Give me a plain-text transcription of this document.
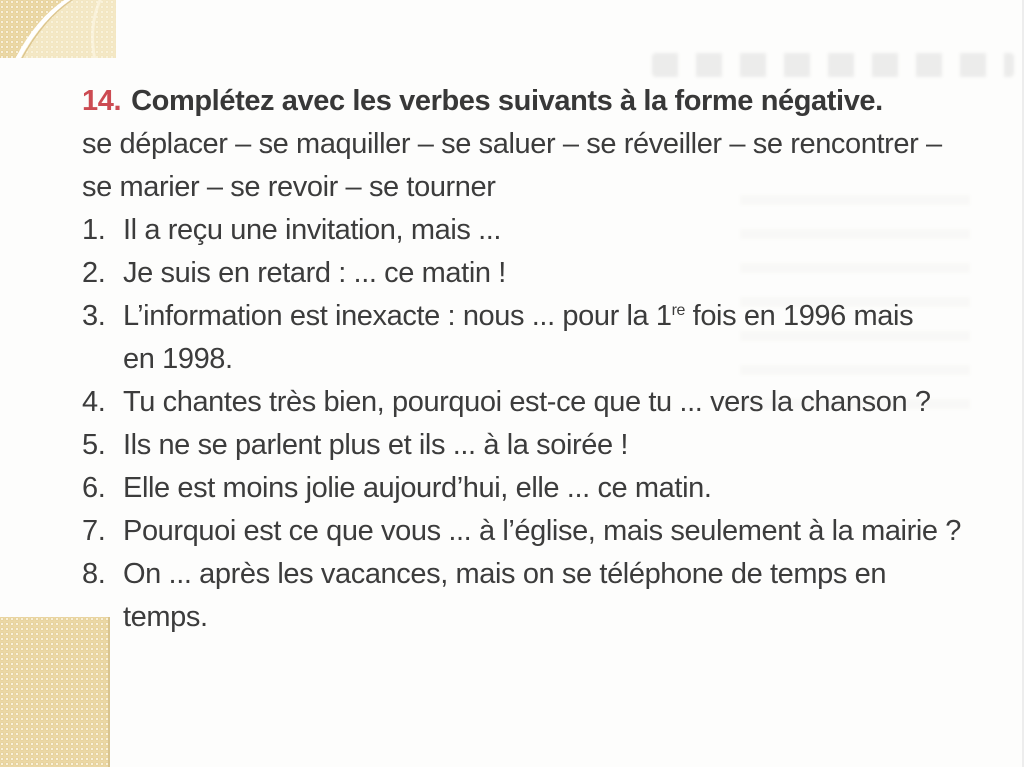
14. Complétez avec les verbes suivants à la forme négative.
se déplacer – se maquiller – se saluer – se réveiller – se rencontrer –
se marier – se revoir – se tourner
1. Il a reçu une invitation, mais ...
2. Je suis en retard : ... ce matin !
3. L’information est inexacte : nous ... pour la 1re fois en 1996 mais
en 1998.
4. Tu chantes très bien, pourquoi est-ce que tu ... vers la chanson ?
5. Ils ne se parlent plus et ils ... à la soirée !
6. Elle est moins jolie aujourd’hui, elle ... ce matin.
7. Pourquoi est ce que vous ... à l’église, mais seulement à la mairie ?
8. On ... après les vacances, mais on se téléphone de temps en temps.
